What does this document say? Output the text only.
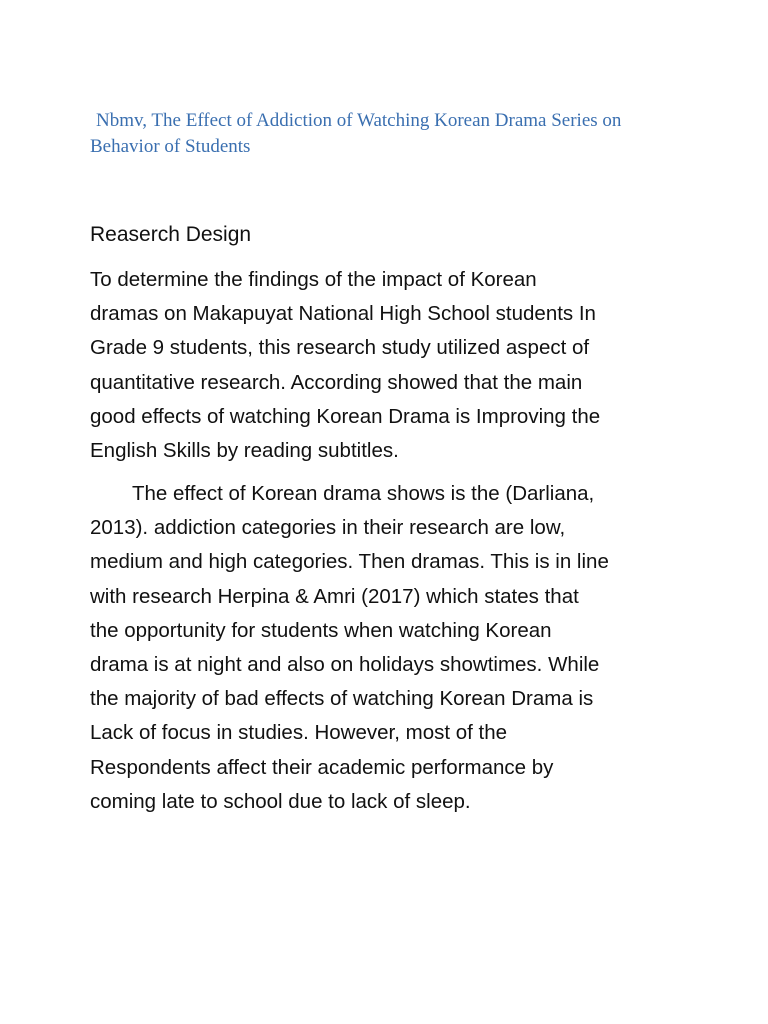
Nbmv, The Effect of Addiction of Watching Korean Drama Series on
Behavior of Students
Reaserch Design

To determine the findings of the impact of Korean
dramas on Makapuyat National High School students In
Grade 9 students, this research study utilized aspect of
quantitative research. According showed that the main
good effects of watching Korean Drama is Improving the
English Skills by reading subtitles.

The effect of Korean drama shows is the (Darliana,
2013). addiction categories in their research are low,
medium and high categories. Then dramas. This is in line
with research Herpina & Amri (2017) which states that
the opportunity for students when watching Korean
drama is at night and also on holidays showtimes. While
the majority of bad effects of watching Korean Drama is
Lack of focus in studies. However, most of the
Respondents affect their academic performance by
coming late to school due to lack of sleep.
